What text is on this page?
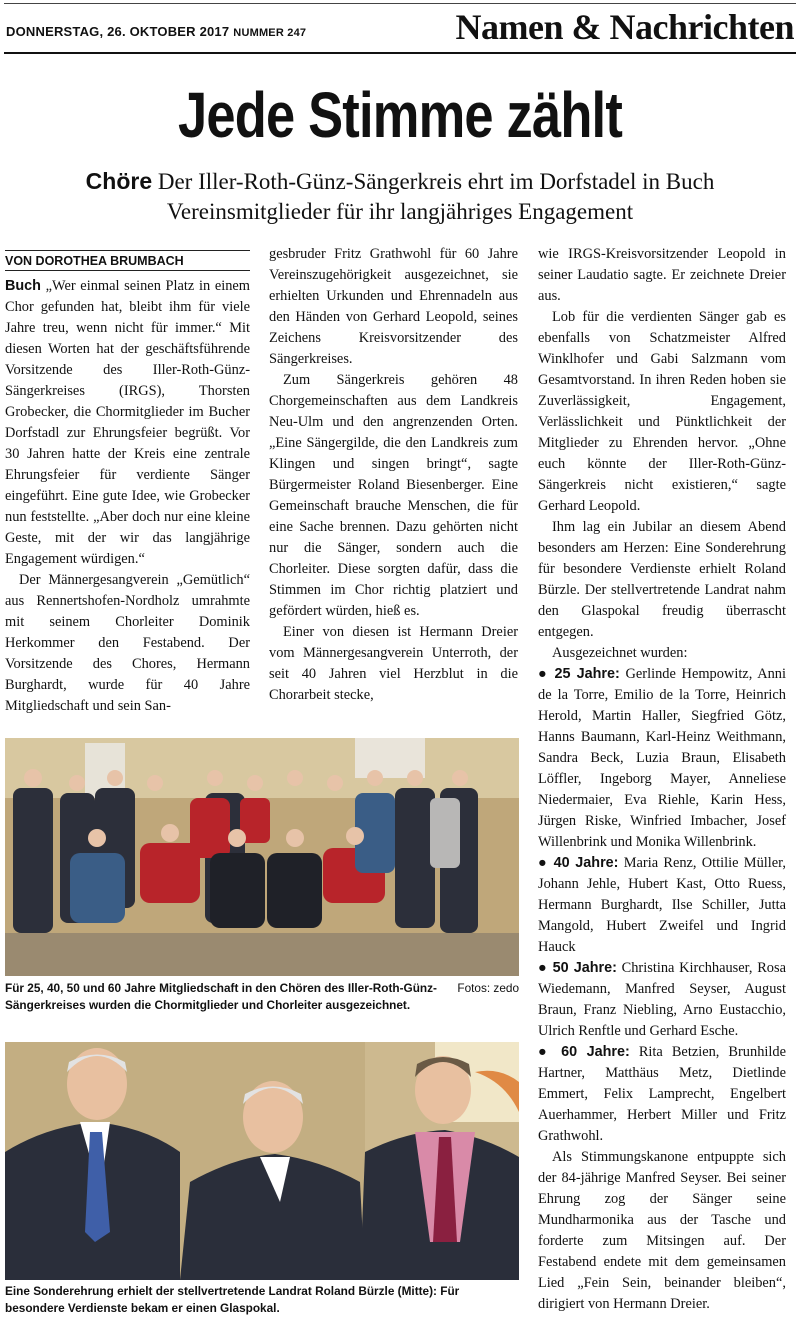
DONNERSTAG, 26. OKTOBER 2017 NUMMER 247	Namen & Nachrichten
Jede Stimme zählt
Chöre Der Iller-Roth-Günz-Sängerkreis ehrt im Dorfstadel in Buch Vereinsmitglieder für ihr langjähriges Engagement
VON DOROTHEA BRUMBACH

Buch „Wer einmal seinen Platz in einem Chor gefunden hat, bleibt ihm für viele Jahre treu, wenn nicht für immer.“ Mit diesen Worten hat der geschäftsführende Vorsitzende des Iller-Roth-Günz-Sängerkreises (IRGS), Thorsten Grobecker, die Chormitglieder im Bucher Dorfstadl zur Ehrungsfeier begrüßt. Vor 30 Jahren hatte der Kreis eine zentrale Ehrungsfeier für verdiente Sänger eingeführt. Eine gute Idee, wie Grobecker nun feststellte. „Aber doch nur eine kleine Geste, mit der wir das langjährige Engagement würdigen.“

Der Männergesangverein „Gemütlich“ aus Rennertshofen-Nordholz umrahmte mit seinem Chorleiter Dominik Herkommer den Festabend. Der Vorsitzende des Chores, Hermann Burghardt, wurde für 40 Jahre Mitgliedschaft und sein San-

gesbruder Fritz Grathwohl für 60 Jahre Vereinszugehörigkeit ausgezeichnet, sie erhielten Urkunden und Ehrennadeln aus den Händen von Gerhard Leopold, seines Zeichens Kreisvorsitzender des Sängerkreises.

Zum Sängerkreis gehören 48 Chorgemeinschaften aus dem Landkreis Neu-Ulm und den angrenzenden Orten. „Eine Sängergilde, die den Landkreis zum Klingen und singen bringt“, sagte Bürgermeister Roland Biesenberger. Eine Gemeinschaft brauche Menschen, die für eine Sache brennen. Dazu gehörten nicht nur die Sänger, sondern auch die Chorleiter. Diese sorgten dafür, dass die Stimmen im Chor richtig platziert und gefördert würden, hieß es.

Einer von diesen ist Hermann Dreier vom Männergesangverein Unterroth, der seit 40 Jahren viel Herzblut in die Chorarbeit stecke,

wie IRGS-Kreisvorsitzender Leopold in seiner Laudatio sagte. Er zeichnete Dreier aus.

Lob für die verdienten Sänger gab es ebenfalls von Schatzmeister Alfred Winklhofer und Gabi Salzmann vom Gesamtvorstand. In ihren Reden hoben sie Zuverlässigkeit, Engagement, Verlässlichkeit und Pünktlichkeit der Mitglieder zu Ehrenden hervor. „Ohne euch könnte der Iller-Roth-Günz-Sängerkreis nicht existieren,“ sagte Gerhard Leopold.

Ihm lag ein Jubilar an diesem Abend besonders am Herzen: Eine Sonderehrung für besondere Verdienste erhielt Roland Bürzle. Der stellvertretende Landrat nahm den Glaspokal freudig überrascht entgegen.

Ausgezeichnet wurden:

● 25 Jahre: Gerlinde Hempowitz, Anni de la Torre, Emilio de la Torre, Heinrich Herold, Martin Haller, Siegfried Götz, Hanns Baumann, Karl-Heinz Weithmann, Sandra Beck, Luzia Braun, Elisabeth Löffler, Ingeborg Mayer, Anneliese Niedermaier, Eva Riehle, Karin Hess, Jürgen Riske, Winfried Imbacher, Josef Willenbrink und Monika Willenbrink.

● 40 Jahre: Maria Renz, Ottilie Müller, Johann Jehle, Hubert Kast, Otto Ruess, Hermann Burghardt, Ilse Schiller, Jutta Mangold, Hubert Zweifel und Ingrid Hauck

● 50 Jahre: Christina Kirchhauser, Rosa Wiedemann, Manfred Seyser, August Braun, Franz Niebling, Arno Eustacchio, Ulrich Renftle und Gerhard Esche.

● 60 Jahre: Rita Betzien, Brunhilde Hartner, Matthäus Metz, Dietlinde Emmert, Felix Lamprecht, Engelbert Auerhammer, Herbert Miller und Fritz Grathwohl.

Als Stimmungskanone entpuppte sich der 84-jährige Manfred Seyser. Bei seiner Ehrung zog der Sänger seine Mundharmonika aus der Tasche und forderte zum Mitsingen auf. Der Festabend endete mit dem gemeinsamen Lied „Fein Sein, beinander bleiben“, dirigiert von Hermann Dreier.

Fotos: zedo
Für 25, 40, 50 und 60 Jahre Mitgliedschaft in den Chören des Iller-Roth-Günz-Sängerkreises wurden die Chormitglieder und Chorleiter ausgezeichnet.
Eine Sonderehrung erhielt der stellvertretende Landrat Roland Bürzle (Mitte): Für besondere Verdienste bekam er einen Glaspokal.
